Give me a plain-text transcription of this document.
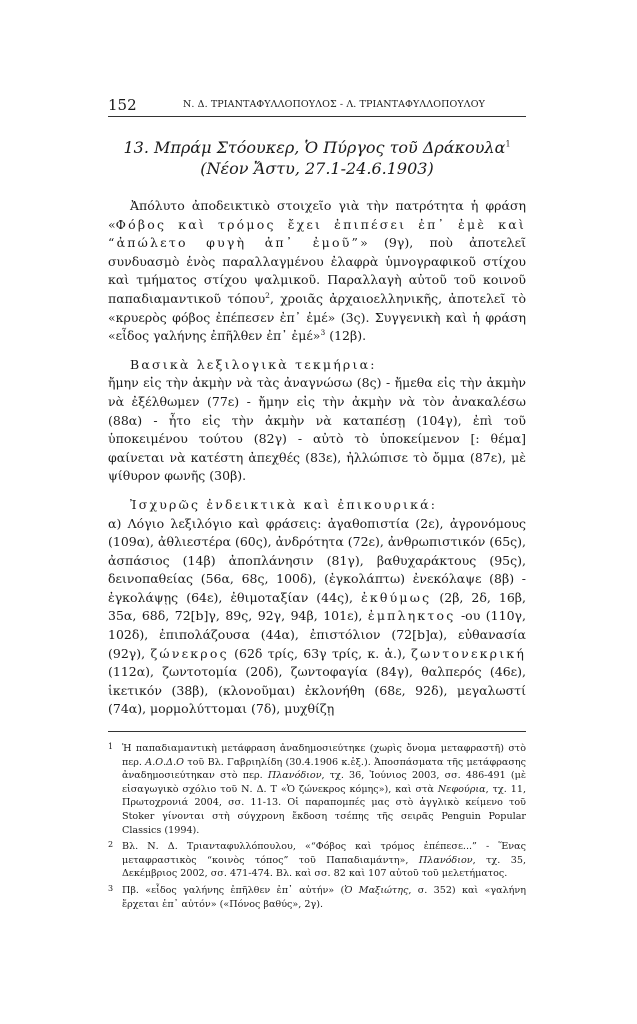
152	Ν. Δ. ΤΡΙΑΝΤΑΦΥΛΛΟΠΟΥΛΟΣ - Λ. ΤΡΙΑΝΤΑΦΥΛΛΟΠΟΥΛΟΥ
13. Μπράμ Στόουκερ, Ὁ Πύργος τοῦ Δράκουλα$^1$
(Νέον Ἄστυ, 27.1-24.6.1903)

Ἀπόλυτο ἀποδεικτικὸ στοιχεῖο γιὰ τὴν πατρότητα ἡ φράση «Φόβος καὶ τρόμος ἔχει ἐπιπέσει ἐπ᾿ ἐμὲ καὶ “ἀπώλετο φυγὴ ἀπ᾿ ἐμοῦ”» (9γ), ποὺ ἀποτελεῖ συνδυασμὸ ἑνὸς παραλλαγμένου ἐλαφρὰ ὑμνογραφικοῦ στίχου καὶ τμήματος στίχου ψαλμικοῦ. Παραλλαγὴ αὐτοῦ τοῦ κοινοῦ παπαδιαμαντικοῦ τόπου$^2$, χροιᾶς ἀρχαιοελληνικῆς, ἀποτελεῖ τὸ «κρυερὸς φόβος ἐπέπεσεν ἐπ᾿ ἐμέ» (3ς). Συγγενικὴ καὶ ἡ φράση «εἶδος γαλήνης ἐπῆλθεν ἐπ᾿ ἐμέ»$^3$ (12β).

Βασικὰ λεξιλογικὰ τεκμήρια:
ἤμην εἰς τὴν ἀκμὴν νὰ τὰς ἀναγνώσω (8ς) - ἤμεθα εἰς τὴν ἀκμὴν νὰ ἐξέλθωμεν (77ε) - ἤμην εἰς τὴν ἀκμὴν νὰ τὸν ἀνακαλέσω (88α) - ἦτο εἰς τὴν ἀκμὴν νὰ καταπέσῃ (104γ), ἐπὶ τοῦ ὑποκειμένου τούτου (82γ) - αὐτὸ τὸ ὑποκείμενον [: θέμα] φαίνεται νὰ κατέστη ἀπεχθές (83ε), ἠλλώπισε τὸ ὄμμα (87ε), μὲ ψίθυρον φωνῆς (30β).

Ἰσχυρῶς ἐνδεικτικὰ καὶ ἐπικουρικά:
α) Λόγιο λεξιλόγιο καὶ φράσεις: ἀγαθοπιστία (2ε), ἀγρονόμους (109α), ἀθλιεστέρα (60ς), ἀνδρότητα (72ε), ἀνθρωπιστικόν (65ς), ἀσπάσιος (14β) ἀποπλάνησιν (81γ), βαθυχαράκτους (95ς), δεινοπαθείας (56α, 68ς, 100δ), (ἐγκολάπτω) ἐνεκόλαψε (8β) - ἐγκολάψῃς (64ε), ἐθιμοταξίαν (44ς), ἐκθύμως (2β, 2δ, 16β, 35α, 68δ, 72[b]γ, 89ς, 92γ, 94β, 101ε), ἐμπληκτος -ου (110γ, 102δ), ἐπιπολάζουσα (44α), ἐπιστόλιον (72[b]α), εὐθανασία (92γ), ζώνεκρος (62δ τρίς, 63γ τρίς, κ. ἀ.), ζωντονεκρική (112α), ζωντοτομία (20δ), ζωντοφαγία (84γ), θαλπερός (46ε), ἱκετικόν (38β), (κλονοῦμαι) ἐκλονήθη (68ε, 92δ), μεγαλωστί (74α), μορμολύττομαι (7δ), μυχθίζῃ

1 Ἡ παπαδιαμαντικὴ μετάφραση ἀναδημοσιεύτηκε (χωρὶς ὄνομα μεταφραστῆ) στὸ περ. Α.Ο.Δ.Ο τοῦ Βλ. Γαβριηλίδη (30.4.1906 κ.ἑξ.). Ἀποσπάσματα τῆς μετάφρασης ἀναδημοσιεύτηκαν στὸ περ. Πλανόδιον, τχ. 36, Ἰούνιος 2003, σσ. 486-491 (μὲ εἰσαγωγικὸ σχόλιο τοῦ Ν. Δ. Τ «Ὁ ζώνεκρος κόμης»), καὶ στὰ Νεφούρια, τχ. 11, Πρωτοχρονιά 2004, σσ. 11-13. Οἱ παραπομπές μας στὸ ἀγγλικὸ κείμενο τοῦ Stoker γίνονται στὴ σύγχρονη ἔκδοση τσέπης τῆς σειρᾶς Penguin Popular Classics (1994).

2 Βλ. Ν. Δ. Τριανταφυλλόπουλου, «“Φόβος καὶ τρόμος ἐπέπεσε...” - Ἕνας μεταφραστικὸς “κοινὸς τόπος” τοῦ Παπαδιαμάντη», Πλανόδιον, τχ. 35, Δεκέμβριος 2002, σσ. 471-474. Βλ. καὶ σσ. 82 καὶ 107 αὐτοῦ τοῦ μελετήματος.

3 Πβ. «εἶδος γαλήνης ἐπῆλθεν ἐπ᾿ αὐτήν» (Ὁ Μαξιώτης, σ. 352) καὶ «γαλήνη ἔρχεται ἐπ᾿ αὐτόν» («Πόνος βαθύς», 2γ).
